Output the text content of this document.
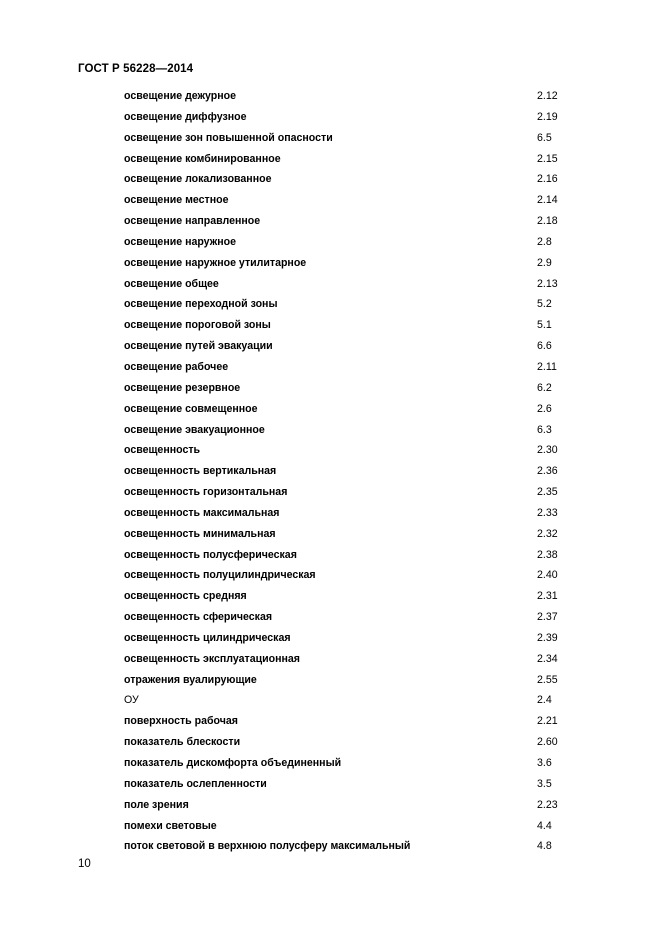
ГОСТ Р 56228—2014
освещение дежурное	2.12
освещение диффузное	2.19
освещение зон повышенной опасности	6.5
освещение комбинированное	2.15
освещение локализованное	2.16
освещение местное	2.14
освещение направленное	2.18
освещение наружное	2.8
освещение наружное утилитарное	2.9
освещение общее	2.13
освещение переходной зоны	5.2
освещение пороговой зоны	5.1
освещение путей эвакуации	6.6
освещение рабочее	2.11
освещение резервное	6.2
освещение совмещенное	2.6
освещение эвакуационное	6.3
освещенность	2.30
освещенность вертикальная	2.36
освещенность горизонтальная	2.35
освещенность максимальная	2.33
освещенность минимальная	2.32
освещенность полусферическая	2.38
освещенность полуцилиндрическая	2.40
освещенность средняя	2.31
освещенность сферическая	2.37
освещенность цилиндрическая	2.39
освещенность эксплуатационная	2.34
отражения вуалирующие	2.55
ОУ	2.4
поверхность рабочая	2.21
показатель блескости	2.60
показатель дискомфорта объединенный	3.6
показатель ослепленности	3.5
поле зрения	2.23
помехи световые	4.4
поток световой в верхнюю полусферу максимальный	4.8
10
